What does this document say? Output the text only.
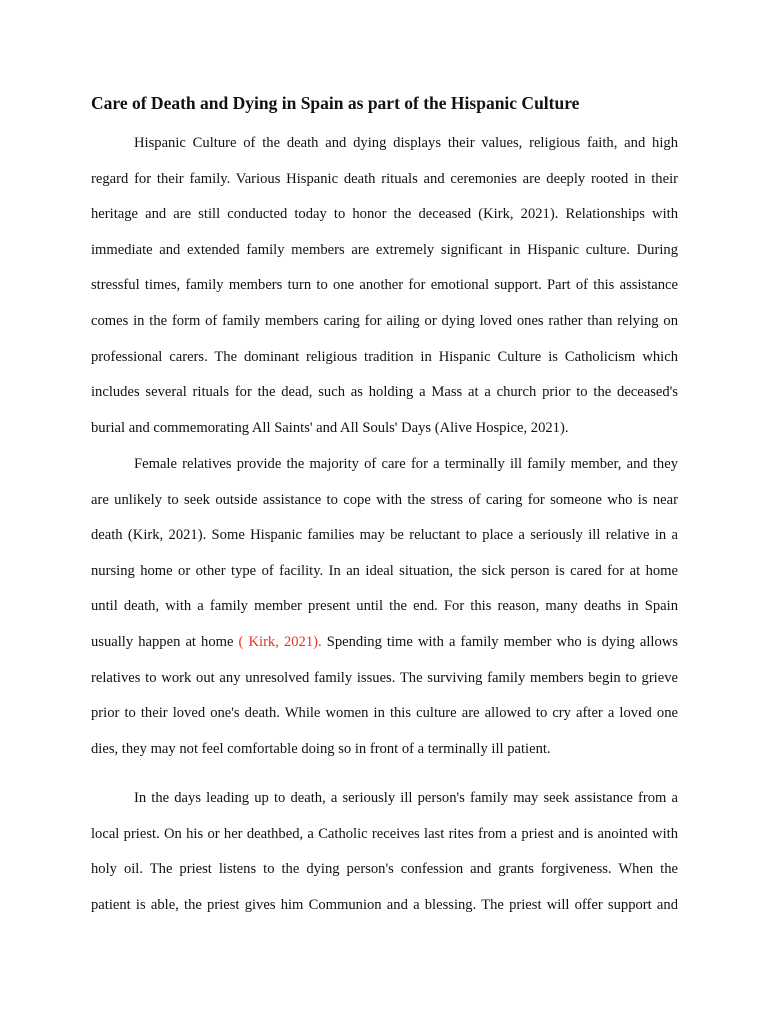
Care of Death and Dying in Spain as part of the Hispanic Culture
Hispanic Culture of the death and dying displays their values, religious faith, and high
regard for their family. Various Hispanic death rituals and ceremonies are deeply rooted in their
heritage and are still conducted today to honor the deceased (Kirk, 2021). Relationships with
immediate and extended family members are extremely significant in Hispanic culture. During
stressful times, family members turn to one another for emotional support. Part of this assistance
comes in the form of family members caring for ailing or dying loved ones rather than relying on
professional carers. The dominant religious tradition in Hispanic Culture is Catholicism which
includes several rituals for the dead, such as holding a Mass at a church prior to the deceased's
burial and commemorating All Saints' and All Souls' Days (Alive Hospice, 2021).
Female relatives provide the majority of care for a terminally ill family member, and they
are unlikely to seek outside assistance to cope with the stress of caring for someone who is near
death (Kirk, 2021). Some Hispanic families may be reluctant to place a seriously ill relative in a
nursing home or other type of facility. In an ideal situation, the sick person is cared for at home
until death, with a family member present until the end. For this reason, many deaths in Spain
usually happen at home ( Kirk, 2021). Spending time with a family member who is dying allows
relatives to work out any unresolved family issues. The surviving family members begin to grieve
prior to their loved one's death. While women in this culture are allowed to cry after a loved one
dies, they may not feel comfortable doing so in front of a terminally ill patient.
In the days leading up to death, a seriously ill person's family may seek assistance from a
local priest. On his or her deathbed, a Catholic receives last rites from a priest and is anointed with
holy oil. The priest listens to the dying person's confession and grants forgiveness. When the
patient is able, the priest gives him Communion and a blessing. The priest will offer support and
